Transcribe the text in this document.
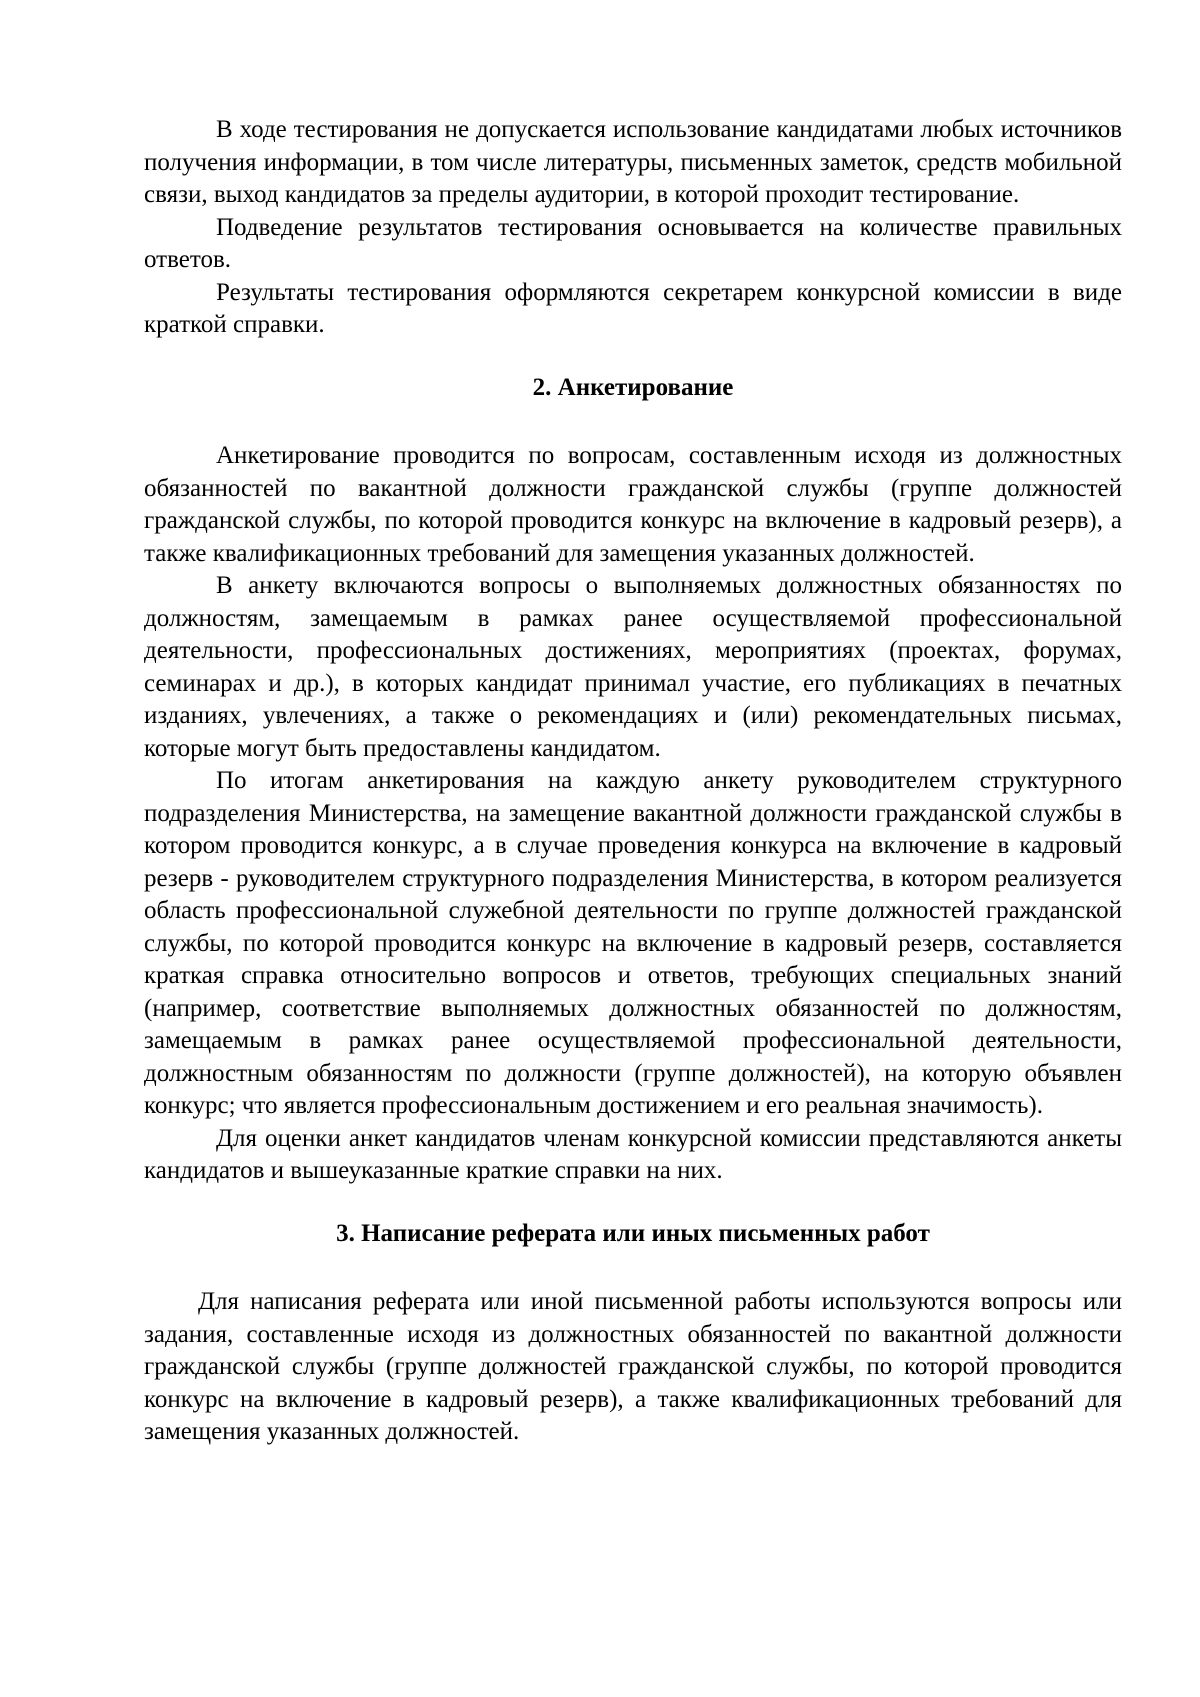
В ходе тестирования не допускается использование кандидатами любых источников получения информации, в том числе литературы, письменных заметок, средств мобильной связи, выход кандидатов за пределы аудитории, в которой проходит тестирование.

Подведение результатов тестирования основывается на количестве правильных ответов.

Результаты тестирования оформляются секретарем конкурсной комиссии в виде краткой справки.

2. Анкетирование

Анкетирование проводится по вопросам, составленным исходя из должностных обязанностей по вакантной должности гражданской службы (группе должностей гражданской службы, по которой проводится конкурс на включение в кадровый резерв), а также квалификационных требований для замещения указанных должностей.

В анкету включаются вопросы о выполняемых должностных обязанностях по должностям, замещаемым в рамках ранее осуществляемой профессиональной деятельности, профессиональных достижениях, мероприятиях (проектах, форумах, семинарах и др.), в которых кандидат принимал участие, его публикациях в печатных изданиях, увлечениях, а также о рекомендациях и (или) рекомендательных письмах, которые могут быть предоставлены кандидатом.

По итогам анкетирования на каждую анкету руководителем структурного подразделения Министерства, на замещение вакантной должности гражданской службы в котором проводится конкурс, а в случае проведения конкурса на включение в кадровый резерв - руководителем структурного подразделения Министерства, в котором реализуется область профессиональной служебной деятельности по группе должностей гражданской службы, по которой проводится конкурс на включение в кадровый резерв, составляется краткая справка относительно вопросов и ответов, требующих специальных знаний (например, соответствие выполняемых должностных обязанностей по должностям, замещаемым в рамках ранее осуществляемой профессиональной деятельности, должностным обязанностям по должности (группе должностей), на которую объявлен конкурс; что является профессиональным достижением и его реальная значимость).

Для оценки анкет кандидатов членам конкурсной комиссии представляются анкеты кандидатов и вышеуказанные краткие справки на них.

3. Написание реферата или иных письменных работ

Для написания реферата или иной письменной работы используются вопросы или задания, составленные исходя из должностных обязанностей по вакантной должности гражданской службы (группе должностей гражданской службы, по которой проводится конкурс на включение в кадровый резерв), а также квалификационных требований для замещения указанных должностей.
